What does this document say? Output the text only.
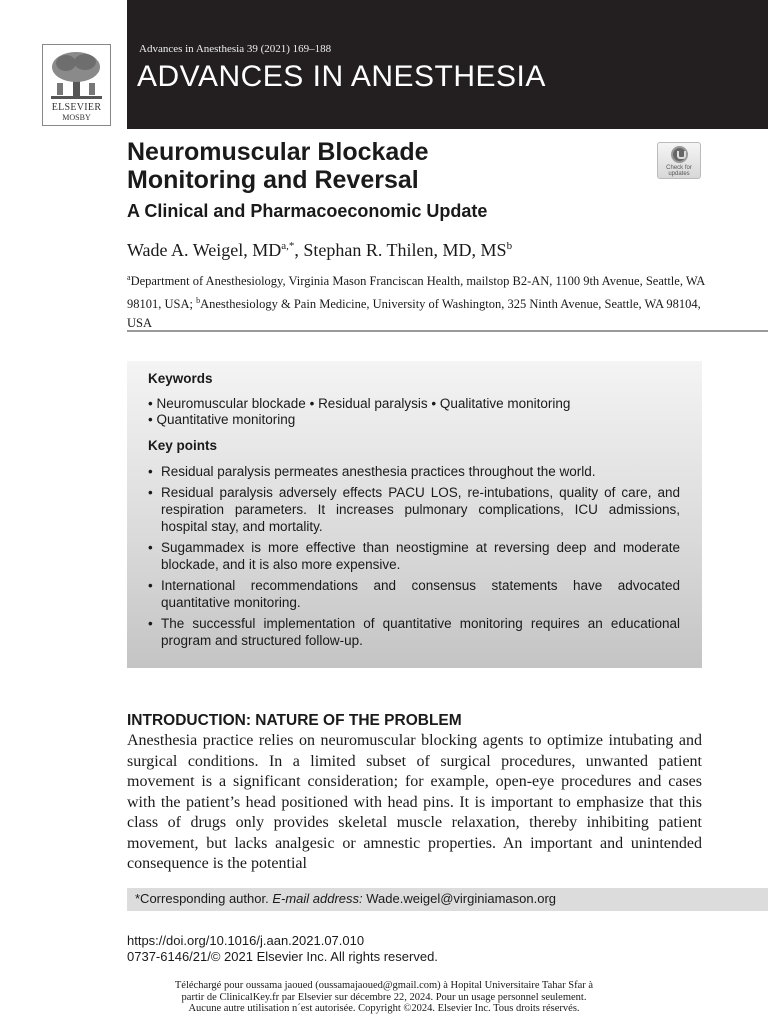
ELSEVIER
MOSBY
Advances in Anesthesia 39 (2021) 169–188
ADVANCES IN ANESTHESIA
Neuromuscular Blockade
Monitoring and Reversal
A Clinical and Pharmacoeconomic Update
Check for
updates
Wade A. Weigel, $MD^{a,*}$, Stephan R. Thilen, MD, $MS^b$
$^a$Department of Anesthesiology, Virginia Mason Franciscan Health, mailstop B2-AN, 1100 9th Avenue, Seattle, WA 98101, USA; $^b$Anesthesiology & Pain Medicine, University of Washington, 325 Ninth Avenue, Seattle, WA 98104, USA
Keywords
• Neuromuscular blockade • Residual paralysis • Qualitative monitoring
• Quantitative monitoring
Key points
• Residual paralysis permeates anesthesia practices throughout the world.
• Residual paralysis adversely effects PACU LOS, re-intubations, quality of care, and respiration parameters. It increases pulmonary complications, ICU admissions, hospital stay, and mortality.
• Sugammadex is more effective than neostigmine at reversing deep and moderate blockade, and it is also more expensive.
• International recommendations and consensus statements have advocated quantitative monitoring.
• The successful implementation of quantitative monitoring requires an educational program and structured follow-up.
INTRODUCTION: NATURE OF THE PROBLEM

Anesthesia practice relies on neuromuscular blocking agents to optimize intubating and surgical conditions. In a limited subset of surgical procedures, unwanted patient movement is a significant consideration; for example, open-eye procedures and cases with the patient’s head positioned with head pins. It is important to emphasize that this class of drugs only provides skeletal muscle relaxation, thereby inhibiting patient movement, but lacks analgesic or amnestic properties. An important and unintended consequence is the potential

*Corresponding author. E-mail address: Wade.weigel@virginiamason.org
https://doi.org/10.1016/j.aan.2021.07.010
0737-6146/21/© 2021 Elsevier Inc. All rights reserved.
Téléchargé pour oussama jaoued (oussamajaoued@gmail.com) à Hopital Universitaire Tahar Sfar à
partir de ClinicalKey.fr par Elsevier sur décembre 22, 2024. Pour un usage personnel seulement.
Aucune autre utilisation n´est autorisée. Copyright ©2024. Elsevier Inc. Tous droits réservés.
